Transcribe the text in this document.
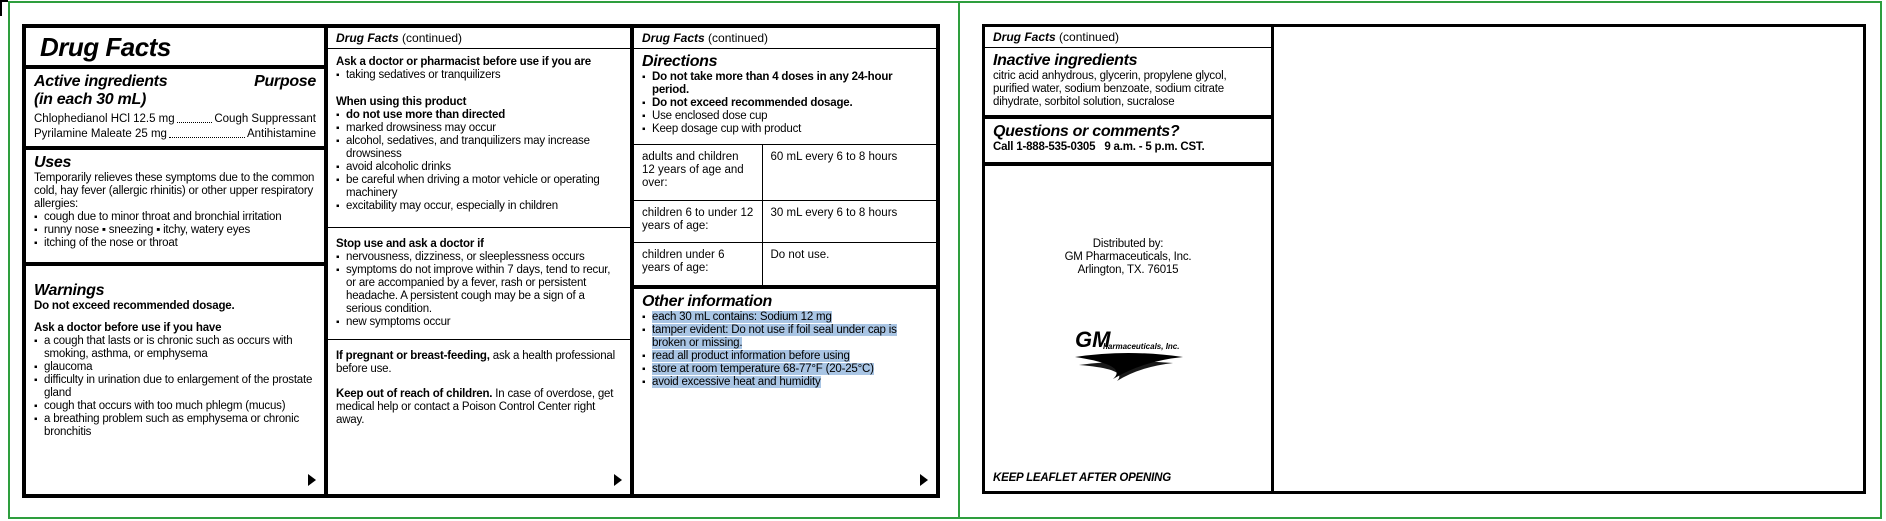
Drug Facts
Active ingredients	Purpose
(in each 30 mL)
Chlophedianol HCl 12.5 mg	Cough Suppressant
Pyrilamine Maleate 25 mg	Antihistamine
Uses
Temporarily relieves these symptoms due to the common cold, hay fever (allergic rhinitis) or other upper respiratory allergies:
▪ cough due to minor throat and bronchial irritation
▪ runny nose ▪ sneezing ▪ itchy, watery eyes
▪ itching of the nose or throat
Warnings
Do not exceed recommended dosage.
Ask a doctor before use if you have
▪ a cough that lasts or is chronic such as occurs with smoking, asthma, or emphysema
▪ glaucoma
▪ difficulty in urination due to enlargement of the prostate gland
▪ cough that occurs with too much phlegm (mucus)
▪ a breathing problem such as emphysema or chronic bronchitis
Drug Facts (continued)
Ask a doctor or pharmacist before use if you are
▪ taking sedatives or tranquilizers
When using this product
▪ do not use more than directed
▪ marked drowsiness may occur
▪ alcohol, sedatives, and tranquilizers may increase drowsiness
▪ avoid alcoholic drinks
▪ be careful when driving a motor vehicle or operating machinery
▪ excitability may occur, especially in children
Stop use and ask a doctor if
▪ nervousness, dizziness, or sleeplessness occurs
▪ symptoms do not improve within 7 days, tend to recur, or are accompanied by a fever, rash or persistent headache. A persistent cough may be a sign of a serious condition.
▪ new symptoms occur
If pregnant or breast-feeding, ask a health professional before use.
Keep out of reach of children. In case of overdose, get medical help or contact a Poison Control Center right away.
Drug Facts (continued)
Directions
▪ Do not take more than 4 doses in any 24-hour period.
▪ Do not exceed recommended dosage.
▪ Use enclosed dose cup
▪ Keep dosage cup with product
adults and children 12 years of age and over:	60 mL every 6 to 8 hours
children 6 to under 12 years of age:	30 mL every 6 to 8 hours
children under 6 years of age:	Do not use.
Other information
▪ each 30 mL contains: Sodium 12 mg
▪ tamper evident: Do not use if foil seal under cap is broken or missing.
▪ read all product information before using
▪ store at room temperature 68-77°F (20-25°C)
▪ avoid excessive heat and humidity
Drug Facts (continued)
Inactive ingredients
citric acid anhydrous, glycerin, propylene glycol, purified water, sodium benzoate, sodium citrate dihydrate, sorbitol solution, sucralose
Questions or comments?
Call 1-888-535-0305   9 a.m. - 5 p.m. CST.
Distributed by:
GM Pharmaceuticals, Inc.
Arlington, TX. 76015
GM
harmaceuticals, Inc.
KEEP LEAFLET AFTER OPENING
